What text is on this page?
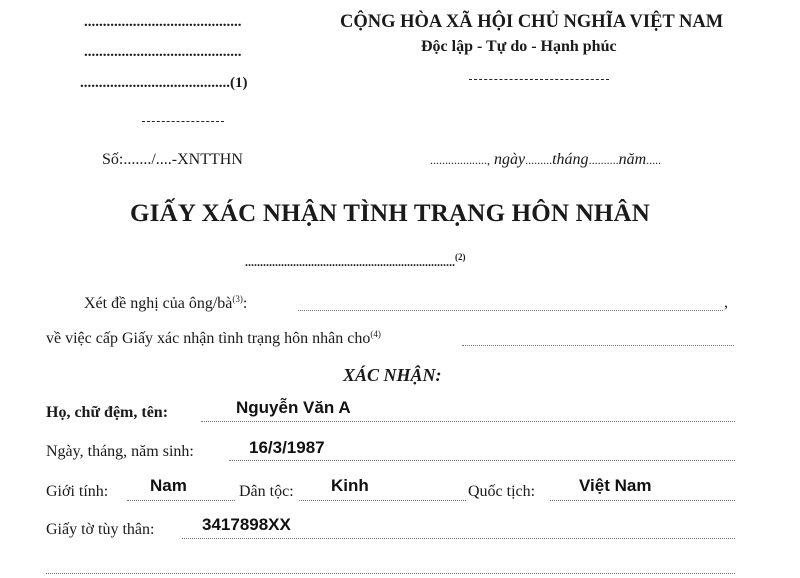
..........................................
..........................................
........................................(1)
CỘNG HÒA XÃ HỘI CHỦ NGHĨA VIỆT NAM
Độc lập - Tự do - Hạnh phúc
Số:......./....-XNTTHN	..................., ngày.........tháng..........năm.....
GIẤY XÁC NHẬN TÌNH TRẠNG HÔN NHÂN
......................................................................$^{(2)}$
Xét đề nghị của ông/$bà^{(3)}$:	,
về việc cấp Giấy xác nhận tình trạng hôn nhân cho$^{(4)}$
XÁC NHẬN:
Họ, chữ đệm, tên:	Nguyễn Văn A
Ngày, tháng, năm sinh:	16/3/1987
Giới tính: Nam	Dân tộc: Kinh	Quốc tịch:	Việt Nam
Giấy tờ tùy thân:	3417898XX
